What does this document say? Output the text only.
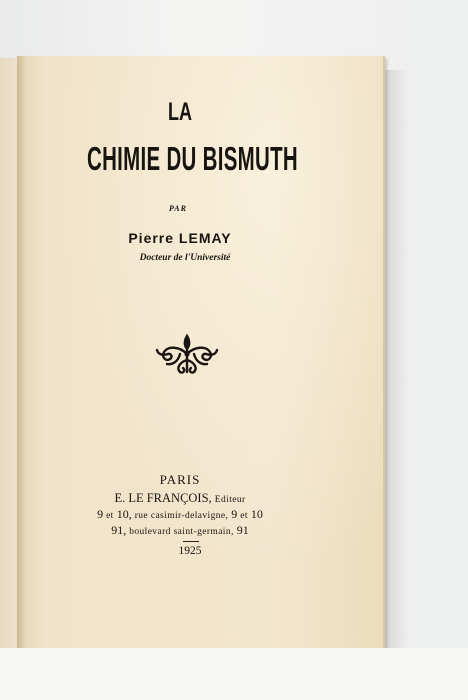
LA
CHIMIE DU BISMUTH
PAR
Pierre LEMAY
Docteur de l'Université
PARIS
E. LE FRANÇOIS, Editeur
9 et 10, rue casimir-delavigne, 9 et 10
91, boulevard saint-germain, 91
1925
